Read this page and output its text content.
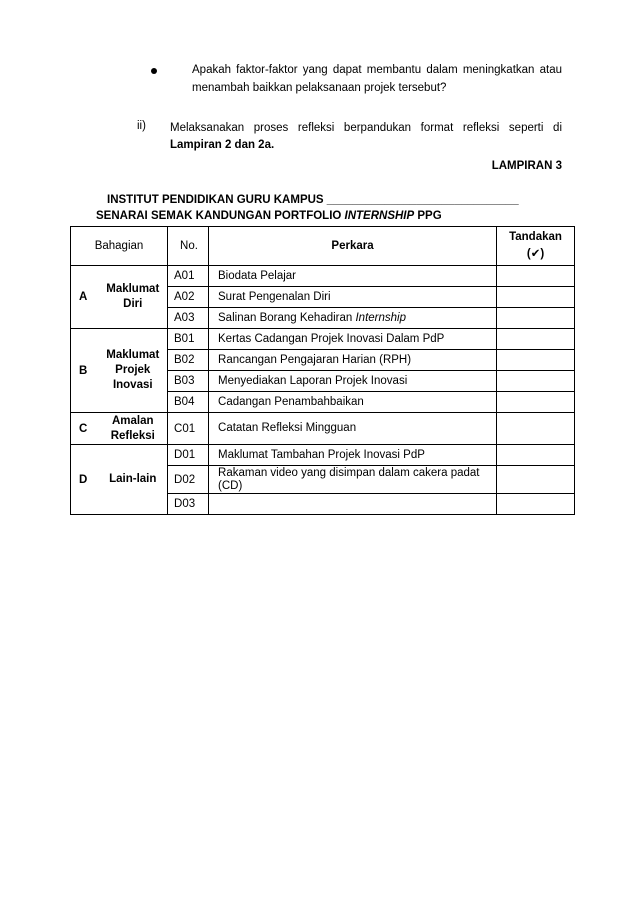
Apakah faktor-faktor yang dapat membantu dalam meningkatkan atau menambah baikkan pelaksanaan projek tersebut?
ii) Melaksanakan proses refleksi berpandukan format refleksi seperti di Lampiran 2 dan 2a.
LAMPIRAN 3
INSTITUT PENDIDIKAN GURU KAMPUS ______________________________
SENARAI SEMAK KANDUNGAN PORTFOLIO INTERNSHIP PPG
Bahagian		No.	Perkara	Tandakan
(✔)
A	Maklumat Diri	A01	Biodata Pelajar	
		A02	Surat Pengenalan Diri	
		A03	Salinan Borang Kehadiran Internship	
B	Maklumat Projek Inovasi	B01	Kertas Cadangan Projek Inovasi Dalam PdP	
		B02	Rancangan Pengajaran Harian (RPH)	
		B03	Menyediakan Laporan Projek Inovasi	
		B04	Cadangan Penambahbaikan	
C	Amalan Refleksi	C01	Catatan Refleksi Mingguan	
D	Lain-lain	D01	Maklumat Tambahan Projek Inovasi PdP	
		D02	Rakaman video yang disimpan dalam cakera padat (CD)	
		D03		
